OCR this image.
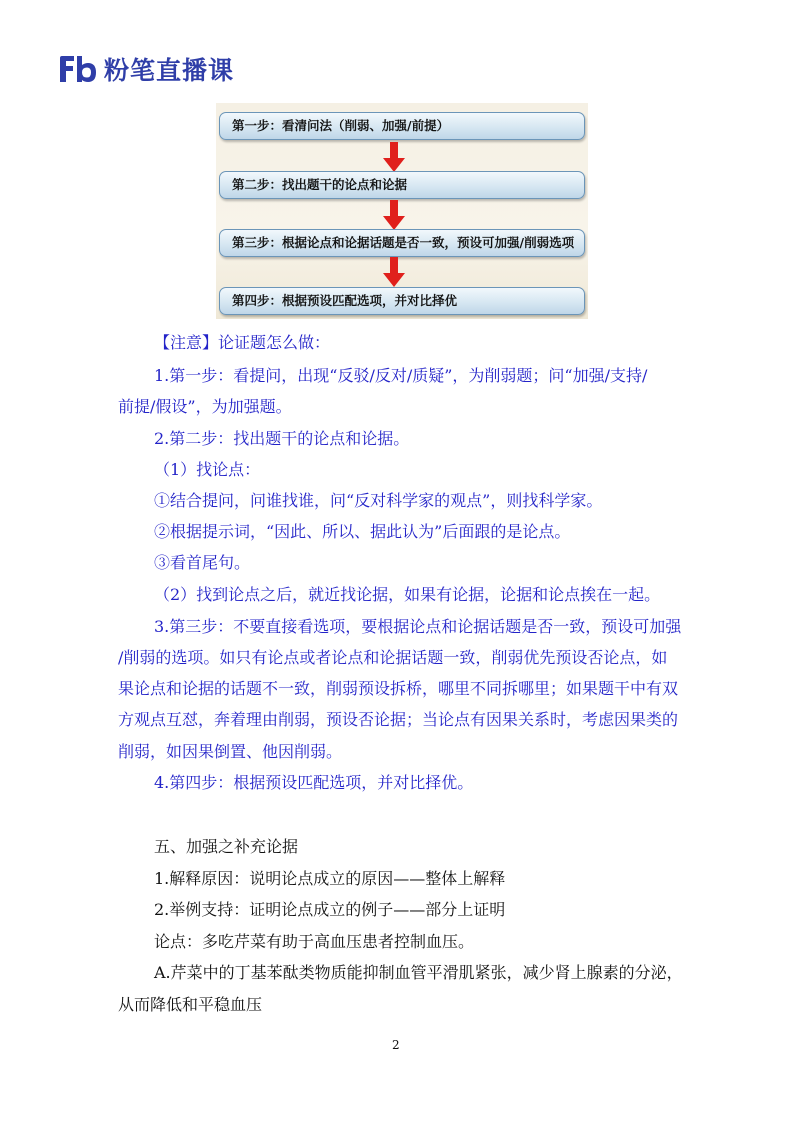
粉笔直播课
第一步：看清问法（削弱、加强/前提）
第二步：找出题干的论点和论据
第三步：根据论点和论据话题是否一致，预设可加强/削弱选项
第四步：根据预设匹配选项，并对比择优
【注意】论证题怎么做：
1.第一步：看提问，出现“反驳/反对/质疑”，为削弱题；问“加强/支持/
前提/假设”，为加强题。
2.第二步：找出题干的论点和论据。
（1）找论点：
①结合提问，问谁找谁，问“反对科学家的观点”，则找科学家。
②根据提示词，“因此、所以、据此认为”后面跟的是论点。
③看首尾句。
（2）找到论点之后，就近找论据，如果有论据，论据和论点挨在一起。
3.第三步：不要直接看选项，要根据论点和论据话题是否一致，预设可加强
/削弱的选项。如只有论点或者论点和论据话题一致，削弱优先预设否论点，如
果论点和论据的话题不一致，削弱预设拆桥，哪里不同拆哪里；如果题干中有双
方观点互怼，奔着理由削弱，预设否论据；当论点有因果关系时，考虑因果类的
削弱，如因果倒置、他因削弱。
4.第四步：根据预设匹配选项，并对比择优。
五、加强之补充论据
1.解释原因：说明论点成立的原因——整体上解释
2.举例支持：证明论点成立的例子——部分上证明
论点：多吃芹菜有助于高血压患者控制血压。
A.芹菜中的丁基苯酞类物质能抑制血管平滑肌紧张，减少肾上腺素的分泌，
从而降低和平稳血压
2
